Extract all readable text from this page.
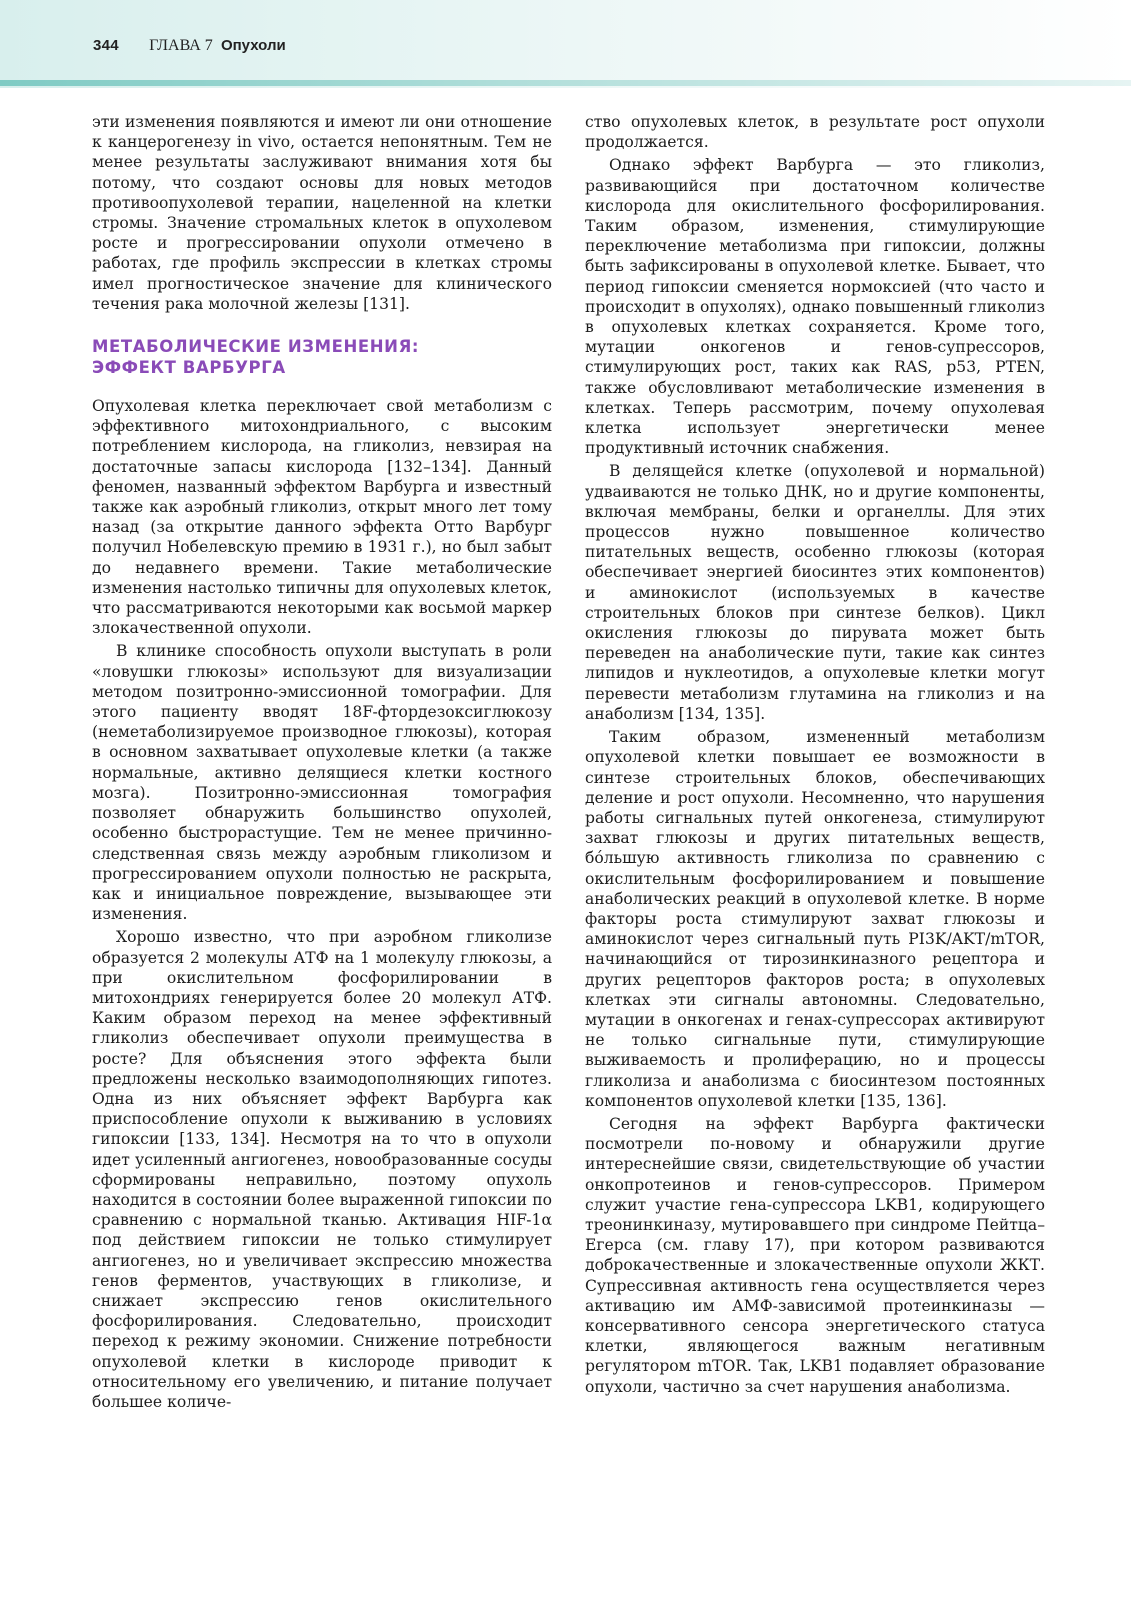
344 ГЛАВА 7 Опухоли

эти изменения появляются и имеют ли они отношение к канцерогенезу in vivo, остается непонятным. Тем не менее результаты заслуживают внимания хотя бы потому, что создают основы для новых методов противоопухолевой терапии, нацеленной на клетки стромы. Значение стромальных клеток в опухолевом росте и прогрессировании опухоли отмечено в работах, где профиль экспрессии в клетках стромы имел прогностическое значение для клинического течения рака молочной железы [131].

МЕТАБОЛИЧЕСКИЕ ИЗМЕНЕНИЯ:
ЭФФЕКТ ВАРБУРГА

Опухолевая клетка переключает свой метаболизм с эффективного митохондриального, с высоким потреблением кислорода, на гликолиз, невзирая на достаточные запасы кислорода [132–134]. Данный феномен, названный эффектом Варбурга и известный также как аэробный гликолиз, открыт много лет тому назад (за открытие данного эффекта Отто Варбург получил Нобелевскую премию в 1931 г.), но был забыт до недавнего времени. Такие метаболические изменения настолько типичны для опухолевых клеток, что рассматриваются некоторыми как восьмой маркер злокачественной опухоли.

В клинике способность опухоли выступать в роли «ловушки глюкозы» используют для визуализации методом позитронно-эмиссионной томографии. Для этого пациенту вводят 18F-фтордезоксиглюкозу (неметаболизируемое производное глюкозы), которая в основном захватывает опухолевые клетки (а также нормальные, активно делящиеся клетки костного мозга). Позитронно-эмиссионная томография позволяет обнаружить большинство опухолей, особенно быстрорастущие. Тем не менее причинно-следственная связь между аэробным гликолизом и прогрессированием опухоли полностью не раскрыта, как и инициальное повреждение, вызывающее эти изменения.

Хорошо известно, что при аэробном гликолизе образуется 2 молекулы АТФ на 1 молекулу глюкозы, а при окислительном фосфорилировании в митохондриях генерируется более 20 молекул АТФ. Каким образом переход на менее эффективный гликолиз обеспечивает опухоли преимущества в росте? Для объяснения этого эффекта были предложены несколько взаимодополняющих гипотез. Одна из них объясняет эффект Варбурга как приспособление опухоли к выживанию в условиях гипоксии [133, 134]. Несмотря на то что в опухоли идет усиленный ангиогенез, новообразованные сосуды сформированы неправильно, поэтому опухоль находится в состоянии более выраженной гипоксии по сравнению с нормальной тканью. Активация HIF-1α под действием гипоксии не только стимулирует ангиогенез, но и увеличивает экспрессию множества генов ферментов, участвующих в гликолизе, и снижает экспрессию генов окислительного фосфорилирования. Следовательно, происходит переход к режиму экономии. Снижение потребности опухолевой клетки в кислороде приводит к относительному его увеличению, и питание получает большее количе-

ство опухолевых клеток, в результате рост опухоли продолжается.

Однако эффект Варбурга — это гликолиз, развивающийся при достаточном количестве кислорода для окислительного фосфорилирования. Таким образом, изменения, стимулирующие переключение метаболизма при гипоксии, должны быть зафиксированы в опухолевой клетке. Бывает, что период гипоксии сменяется нормоксией (что часто и происходит в опухолях), однако повышенный гликолиз в опухолевых клетках сохраняется. Кроме того, мутации онкогенов и генов-супрессоров, стимулирующих рост, таких как RAS, p53, PTEN, также обусловливают метаболические изменения в клетках. Теперь рассмотрим, почему опухолевая клетка использует энергетически менее продуктивный источник снабжения.

В делящейся клетке (опухолевой и нормальной) удваиваются не только ДНК, но и другие компоненты, включая мембраны, белки и органеллы. Для этих процессов нужно повышенное количество питательных веществ, особенно глюкозы (которая обеспечивает энергией биосинтез этих компонентов) и аминокислот (используемых в качестве строительных блоков при синтезе белков). Цикл окисления глюкозы до пирувата может быть переведен на анаболические пути, такие как синтез липидов и нуклеотидов, а опухолевые клетки могут перевести метаболизм глутамина на гликолиз и на анаболизм [134, 135].

Таким образом, измененный метаболизм опухолевой клетки повышает ее возможности в синтезе строительных блоков, обеспечивающих деление и рост опухоли. Несомненно, что нарушения работы сигнальных путей онкогенеза, стимулируют захват глюкозы и других питательных веществ, бо́льшую активность гликолиза по сравнению с окислительным фосфорилированием и повышение анаболических реакций в опухолевой клетке. В норме факторы роста стимулируют захват глюкозы и аминокислот через сигнальный путь PI3K/AKT/mTOR, начинающийся от тирозинкиназного рецептора и других рецепторов факторов роста; в опухолевых клетках эти сигналы автономны. Следовательно, мутации в онкогенах и генах-супрессорах активируют не только сигнальные пути, стимулирующие выживаемость и пролиферацию, но и процессы гликолиза и анаболизма с биосинтезом постоянных компонентов опухолевой клетки [135, 136].

Сегодня на эффект Варбурга фактически посмотрели по-новому и обнаружили другие интереснейшие связи, свидетельствующие об участии онкопротеинов и генов-супрессоров. Примером служит участие гена-супрессора LKB1, кодирующего треонинкиназу, мутировавшего при синдроме Пейтца–Егерса (см. главу 17), при котором развиваются доброкачественные и злокачественные опухоли ЖКТ. Супрессивная активность гена осуществляется через активацию им АМФ-зависимой протеинкиназы — консервативного сенсора энергетического статуса клетки, являющегося важным негативным регулятором mTOR. Так, LKB1 подавляет образование опухоли, частично за счет нарушения анаболизма.
